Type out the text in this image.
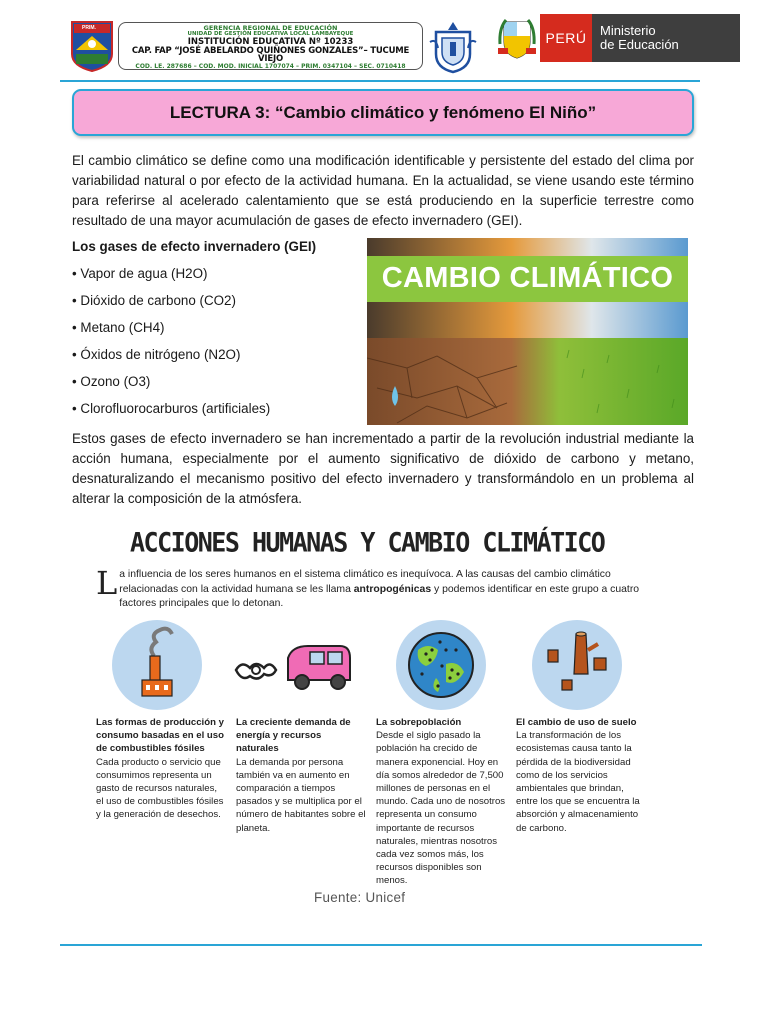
PRIM.	GERENCIA REGIONAL DE EDUCACIÓN
UNIDAD DE GESTIÓN EDUCATIVA LOCAL LAMBAYEQUE
INSTITUCIÓN EDUCATIVA Nº 10233
CAP. FAP “JOSÉ ABELARDO QUIÑONES GONZALES”– TUCUME VIEJO
COD. LE. 287686 – COD. MOD. INICIAL 1707074 – PRIM. 0347104 – SEC. 0710418
PERÚ	Ministerio
de Educación
LECTURA 3: “Cambio climático y fenómeno El Niño”
El cambio climático se define como una modificación identificable y persistente del estado del clima por variabilidad natural o por efecto de la actividad humana. En la actualidad, se viene usando este término para referirse al acelerado calentamiento que se está produciendo en la superficie terrestre como resultado de una mayor acumulación de gases de efecto invernadero (GEI).
Los gases de efecto invernadero (GEI)
• Vapor de agua (H2O)
• Dióxido de carbono (CO2)
• Metano (CH4)
• Óxidos de nitrógeno (N2O)
• Ozono (O3)
• Clorofluorocarburos (artificiales)
CAMBIO CLIMÁTICO
Estos gases de efecto invernadero se han incrementado a partir de la revolución industrial mediante la acción humana, especialmente por el aumento significativo de dióxido de carbono y metano, desnaturalizando el mecanismo positivo del efecto invernadero y transformándolo en un problema al alterar la composición de la atmósfera.
ACCIONES HUMANAS Y CAMBIO CLIMÁTICO
La influencia de los seres humanos en el sistema climático es inequívoca. A las causas del cambio climático relacionadas con la actividad humana se les llama antropogénicas y podemos identificar en este grupo a cuatro factores principales que lo detonan.
Las formas de producción y consumo basadas en el uso de combustibles fósiles
Cada producto o servicio que consumimos representa un gasto de recursos naturales, el uso de combustibles fósiles y la generación de desechos.
La creciente demanda de energía y recursos naturales
La demanda por persona también va en aumento en comparación a tiempos pasados y se multiplica por el número de habitantes sobre el planeta.
La sobrepoblación
Desde el siglo pasado la población ha crecido de manera exponencial. Hoy en día somos alrededor de 7,500 millones de personas en el mundo. Cada uno de nosotros representa un consumo importante de recursos naturales, mientras nosotros cada vez somos más, los recursos disponibles son menos.
El cambio de uso de suelo
La transformación de los ecosistemas causa tanto la pérdida de la biodiversidad como de los servicios ambientales que brindan, entre los que se encuentra la absorción y almacenamiento de carbono.
Fuente: Unicef
